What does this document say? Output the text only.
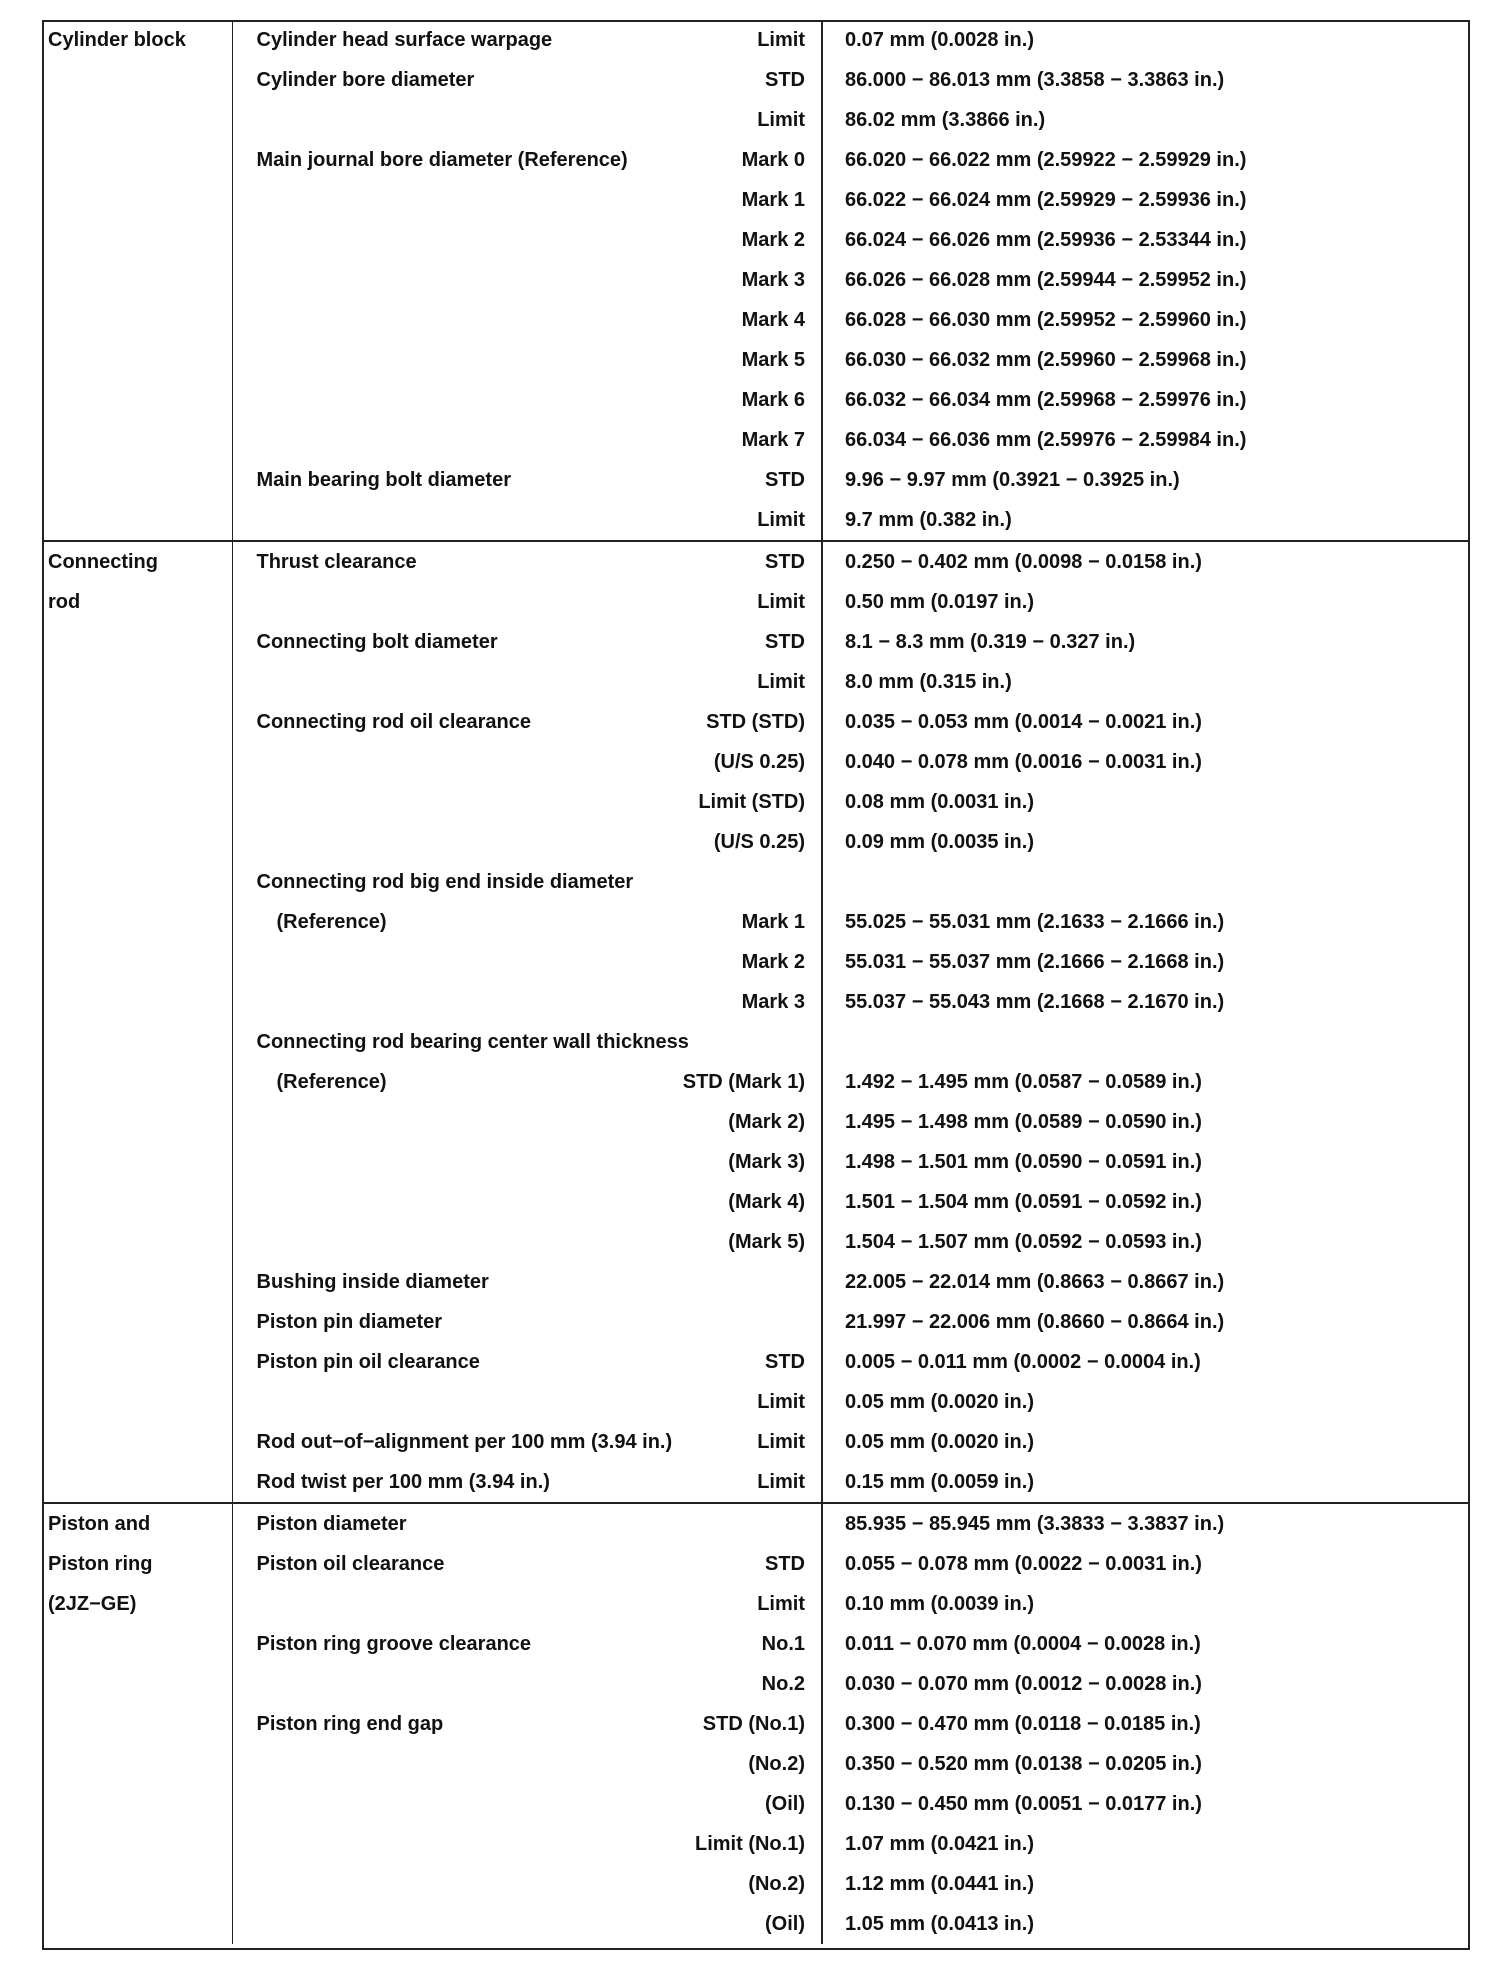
Cylinder block	Cylinder head surface warpage Limit	0.07 mm (0.0028 in.)

	Cylinder bore diameter STD	86.000 − 86.013 mm (3.3858 − 3.3863 in.)

	Limit	86.02 mm (3.3866 in.)

	Main journal bore diameter (Reference) Mark 0	66.020 − 66.022 mm (2.59922 − 2.59929 in.)

	Mark 1	66.022 − 66.024 mm (2.59929 − 2.59936 in.)

	Mark 2	66.024 − 66.026 mm (2.59936 − 2.53344 in.)

	Mark 3	66.026 − 66.028 mm (2.59944 − 2.59952 in.)

	Mark 4	66.028 − 66.030 mm (2.59952 − 2.59960 in.)

	Mark 5	66.030 − 66.032 mm (2.59960 − 2.59968 in.)

	Mark 6	66.032 − 66.034 mm (2.59968 − 2.59976 in.)

	Mark 7	66.034 − 66.036 mm (2.59976 − 2.59984 in.)

	Main bearing bolt diameter STD	9.96 − 9.97 mm (0.3921 − 0.3925 in.)

	Limit	9.7 mm (0.382 in.)
Connecting	Thrust clearance STD	0.250 − 0.402 mm (0.0098 − 0.0158 in.)
rod	Limit	0.50 mm (0.0197 in.)

	Connecting bolt diameter STD	8.1 − 8.3 mm (0.319 − 0.327 in.)

	Limit	8.0 mm (0.315 in.)

	Connecting rod oil clearance STD (STD)	0.035 − 0.053 mm (0.0014 − 0.0021 in.)

	(U/S 0.25)	0.040 − 0.078 mm (0.0016 − 0.0031 in.)

	Limit (STD)	0.08 mm (0.0031 in.)

	(U/S 0.25)	0.09 mm (0.0035 in.)

	Connecting rod big end inside diameter	

	(Reference) Mark 1	55.025 − 55.031 mm (2.1633 − 2.1666 in.)

	Mark 2	55.031 − 55.037 mm (2.1666 − 2.1668 in.)

	Mark 3	55.037 − 55.043 mm (2.1668 − 2.1670 in.)

	Connecting rod bearing center wall thickness	

	(Reference) STD (Mark 1)	1.492 − 1.495 mm (0.0587 − 0.0589 in.)

	(Mark 2)	1.495 − 1.498 mm (0.0589 − 0.0590 in.)

	(Mark 3)	1.498 − 1.501 mm (0.0590 − 0.0591 in.)

	(Mark 4)	1.501 − 1.504 mm (0.0591 − 0.0592 in.)

	(Mark 5)	1.504 − 1.507 mm (0.0592 − 0.0593 in.)

	Bushing inside diameter	22.005 − 22.014 mm (0.8663 − 0.8667 in.)

	Piston pin diameter	21.997 − 22.006 mm (0.8660 − 0.8664 in.)

	Piston pin oil clearance STD	0.005 − 0.011 mm (0.0002 − 0.0004 in.)

	Limit	0.05 mm (0.0020 in.)

	Rod out−of−alignment per 100 mm (3.94 in.) Limit	0.05 mm (0.0020 in.)

	Rod twist per 100 mm (3.94 in.) Limit	0.15 mm (0.0059 in.)
Piston and	Piston diameter	85.935 − 85.945 mm (3.3833 − 3.3837 in.)
Piston ring	Piston oil clearance STD	0.055 − 0.078 mm (0.0022 − 0.0031 in.)
(2JZ−GE)	Limit	0.10 mm (0.0039 in.)

	Piston ring groove clearance No.1	0.011 − 0.070 mm (0.0004 − 0.0028 in.)

	No.2	0.030 − 0.070 mm (0.0012 − 0.0028 in.)

	Piston ring end gap STD (No.1)	0.300 − 0.470 mm (0.0118 − 0.0185 in.)

	(No.2)	0.350 − 0.520 mm (0.0138 − 0.0205 in.)

	(Oil)	0.130 − 0.450 mm (0.0051 − 0.0177 in.)

	Limit (No.1)	1.07 mm (0.0421 in.)

	(No.2)	1.12 mm (0.0441 in.)

	(Oil)	1.05 mm (0.0413 in.)
